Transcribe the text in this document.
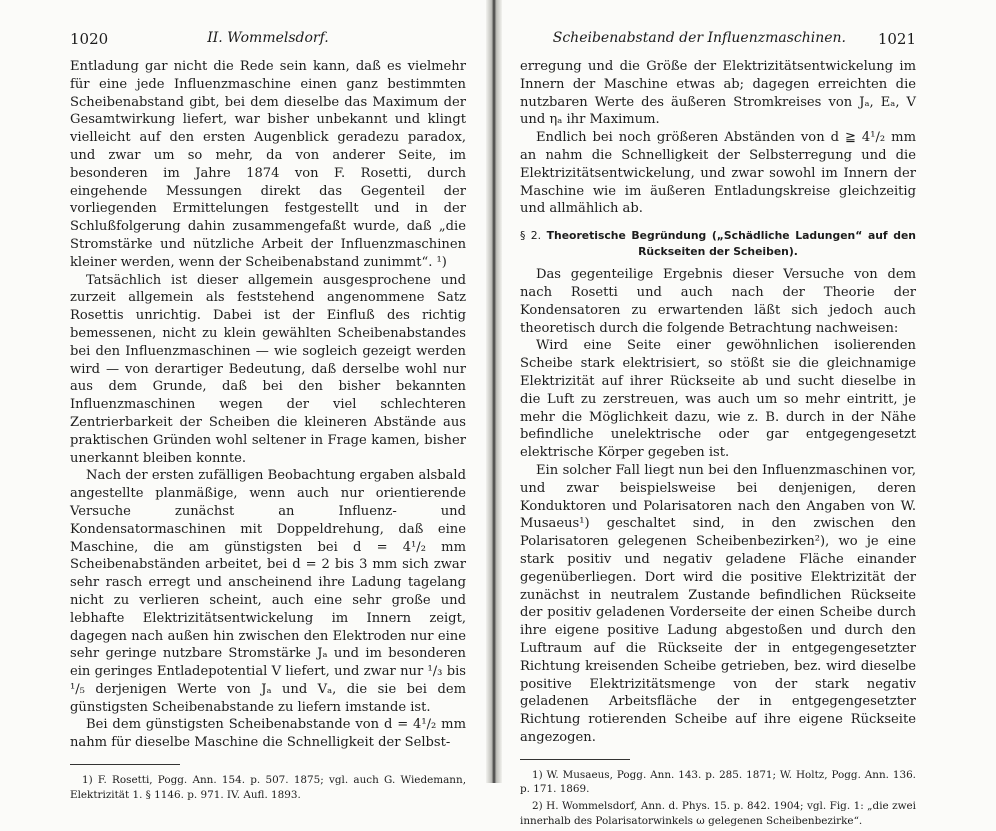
1020	II. Wommelsdorf.

Entladung gar nicht die Rede sein kann, daß es vielmehr für eine jede Influenzmaschine einen ganz bestimmten Scheibenabstand gibt, bei dem dieselbe das Maximum der Gesamtwirkung liefert, war bisher unbekannt und klingt vielleicht auf den ersten Augenblick geradezu paradox, und zwar um so mehr, da von anderer Seite, im besonderen im Jahre 1874 von F. Rosetti, durch eingehende Messungen direkt das Gegenteil der vorliegenden Ermittelungen festgestellt und in der Schlußfolgerung dahin zusammengefaßt wurde, daß „die Stromstärke und nützliche Arbeit der Influenzmaschinen kleiner werden, wenn der Scheibenabstand zunimmt“. ¹)

Tatsächlich ist dieser allgemein ausgesprochene und zurzeit allgemein als feststehend angenommene Satz Rosettis unrichtig. Dabei ist der Einfluß des richtig bemessenen, nicht zu klein gewählten Scheibenabstandes bei den Influenzmaschinen — wie sogleich gezeigt werden wird — von derartiger Bedeutung, daß derselbe wohl nur aus dem Grunde, daß bei den bisher bekannten Influenzmaschinen wegen der viel schlechteren Zentrierbarkeit der Scheiben die kleineren Abstände aus praktischen Gründen wohl seltener in Frage kamen, bisher unerkannt bleiben konnte.

Nach der ersten zufälligen Beobachtung ergaben alsbald angestellte planmäßige, wenn auch nur orientierende Versuche zunächst an Influenz- und Kondensatormaschinen mit Doppeldrehung, daß eine Maschine, die am günstigsten bei d = 4¹/₂ mm Scheibenabständen arbeitet, bei d = 2 bis 3 mm sich zwar sehr rasch erregt und anscheinend ihre Ladung tagelang nicht zu verlieren scheint, auch eine sehr große und lebhafte Elektrizitätsentwickelung im Innern zeigt, dagegen nach außen hin zwischen den Elektroden nur eine sehr geringe nutzbare Stromstärke Jₐ und im besonderen ein geringes Entladepotential V liefert, und zwar nur ¹/₃ bis ¹/₅ derjenigen Werte von Jₐ und Vₐ, die sie bei dem günstigsten Scheibenabstande zu liefern imstande ist.

Bei dem günstigsten Scheibenabstande von d = 4¹/₂ mm nahm für dieselbe Maschine die Schnelligkeit der Selbst-

1) F. Rosetti, Pogg. Ann. 154. p. 507. 1875; vgl. auch G. Wiedemann, Elektrizität 1. § 1146. p. 971. IV. Aufl. 1893.

Scheibenabstand der Influenzmaschinen.	1021

erregung und die Größe der Elektrizitätsentwickelung im Innern der Maschine etwas ab; dagegen erreichten die nutzbaren Werte des äußeren Stromkreises von Jₐ, Eₐ, V und ηₐ ihr Maximum.

Endlich bei noch größeren Abständen von d ≧ 4¹/₂ mm an nahm die Schnelligkeit der Selbsterregung und die Elektrizitätsentwickelung, und zwar sowohl im Innern der Maschine wie im äußeren Entladungskreise gleichzeitig und allmählich ab.

§ 2. Theoretische Begründung („Schädliche Ladungen“ auf den Rückseiten der Scheiben).

Das gegenteilige Ergebnis dieser Versuche von dem nach Rosetti und auch nach der Theorie der Kondensatoren zu erwartenden läßt sich jedoch auch theoretisch durch die folgende Betrachtung nachweisen:

Wird eine Seite einer gewöhnlichen isolierenden Scheibe stark elektrisiert, so stößt sie die gleichnamige Elektrizität auf ihrer Rückseite ab und sucht dieselbe in die Luft zu zerstreuen, was auch um so mehr eintritt, je mehr die Möglichkeit dazu, wie z. B. durch in der Nähe befindliche unelektrische oder gar entgegengesetzt elektrische Körper gegeben ist.

Ein solcher Fall liegt nun bei den Influenzmaschinen vor, und zwar beispielsweise bei denjenigen, deren Konduktoren und Polarisatoren nach den Angaben von W. Musaeus¹) geschaltet sind, in den zwischen den Polarisatoren gelegenen Scheibenbezirken²), wo je eine stark positiv und negativ geladene Fläche einander gegenüberliegen. Dort wird die positive Elektrizität der zunächst in neutralem Zustande befindlichen Rückseite der positiv geladenen Vorderseite der einen Scheibe durch ihre eigene positive Ladung abgestoßen und durch den Luftraum auf die Rückseite der in entgegengesetzter Richtung kreisenden Scheibe getrieben, bez. wird dieselbe positive Elektrizitätsmenge von der stark negativ geladenen Arbeitsfläche der in entgegengesetzter Richtung rotierenden Scheibe auf ihre eigene Rückseite angezogen.

1) W. Musaeus, Pogg. Ann. 143. p. 285. 1871; W. Holtz, Pogg. Ann. 136. p. 171. 1869.

2) H. Wommelsdorf, Ann. d. Phys. 15. p. 842. 1904; vgl. Fig. 1: „die zwei innerhalb des Polarisatorwinkels ω gelegenen Scheibenbezirke“.
